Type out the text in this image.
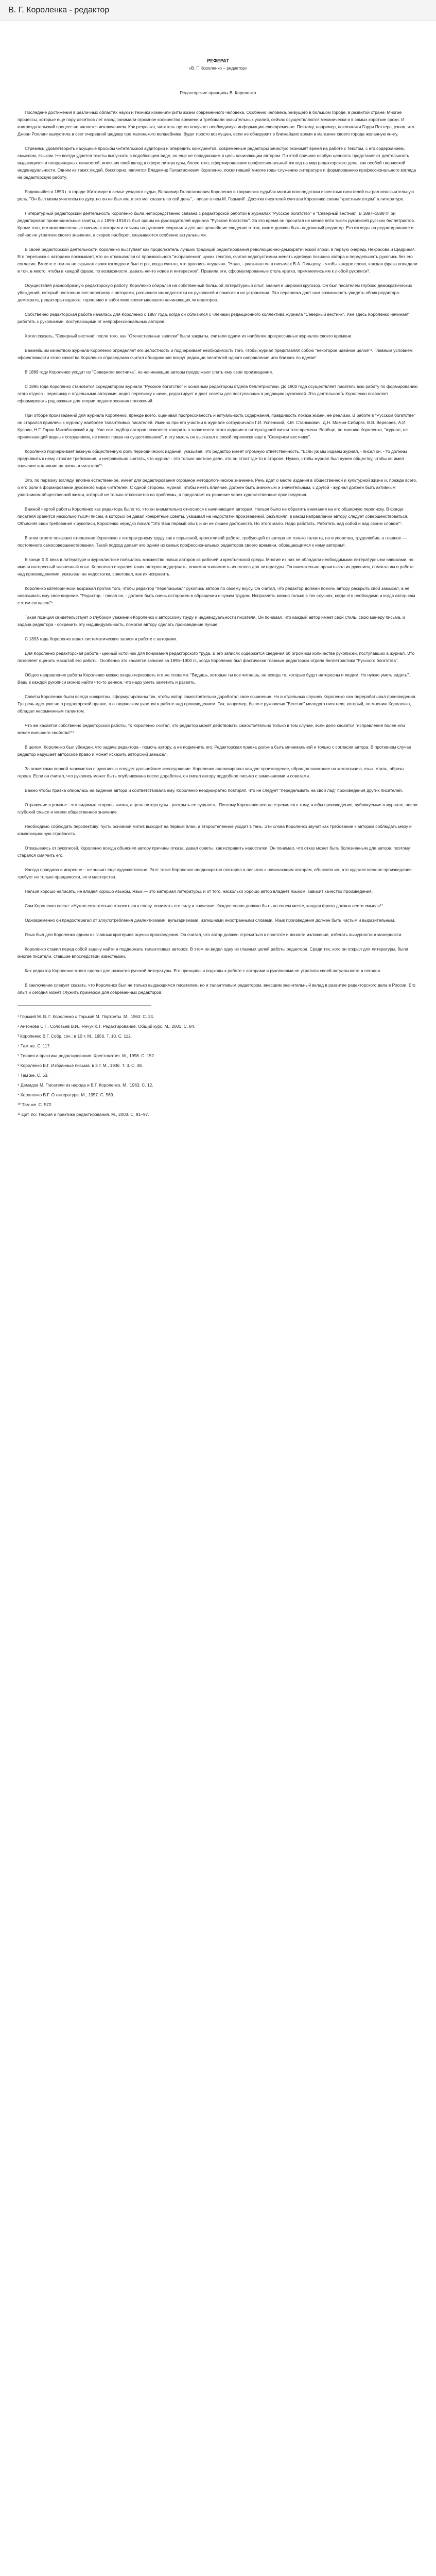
В. Г. Короленка - редактор
РЕФЕРАТ
«В. Г. Короленко – редактор»
Редакторские принципы В. Короленко

Последние достижения в различных областях науки и техники изменили ритм жизни современного человека. Особенно человека, живущего в большом городе, в развитой стране. Многие процессы, которые еще пару десятков лет назад занимали огромное количество времени и требовали значительных усилий, сейчас осуществляются механически и в самых короткие сроки. И книгоиздательский процесс не является исключением. Как результат, читатель прямо получает необходимую информацию своевременно. Поэтому, например, поклонники Гарри Поттера, узнав, что Джоан Роллинг выпустила в свет очередной шедевр про маленького волшебника, будет просто возмущен, если не обнаружит в ближайших время в магазине своего города желанную книгу.

Стремясь удовлетворить насущные просьбы читательской аудитории и опередить конкурентов, современные редакторы зачастую экономят время на работе с текстом, с его содержанием, смыслом, языком. Не всегда удается тексты выпускать в подобающем виде, но еще не попадающим в цель начинающим автором. По этой причине особую ценность представляют деятельность выдающихся и неординарных личностей, внесших свой вклад в сфере литературы, более того, сформировавших профессиональный взгляд на мир редакторского дела, как особой творческой индивидуальности. Одним из таких людей, бесспорно, является Владимир Галактионович Короленко, посвятивший многие годы служению литературе и формированию профессионального взгляда на редакторскую работу.

Родившийся в 1853 г. в городе Житомире в семье уездного судьи, Владимир Галактионович Короленко в творческих судьбах многих впоследствии известных писателей сыграл исключительную роль. "Он был моим учителем по духу, но он не был им, я это мог сказать по сей день", - писал о нем М. Горький¹. Десятки писателей считали Короленко своим "крестным отцом" в литературе.

Литературный редакторский деятельность Короленко была непосредственно связана с редакторской работой в журналах "Русское богатство" и "Северный вестник". В 1887–1888 гг. он редактировал провинциальные газеты, а с 1896–1918 гг. был одним из руководителей журнала "Русское богатство". За это время он прочитал не менее пяти тысяч рукописей русских беллетристов. Кроме того, его многочисленные письма к авторам и отзывы на рукописи сохранили для нас ценнейшие сведения о том, каким должен быть подлинный редактор. Его взгляды на редактирование и сейчас не утратили своего значения, а скорее наоборот, оказываются особенно актуальными.

В своей редакторской деятельности Короленко выступает как продолжатель лучших традиций редактирования революционно-демократической эпохи, в первую очередь Некрасова и Щедрина². Его переписка с авторами показывает, что он отказывался от произвольного "исправления" чужих текстов, считая недопустимым менять идейную позицию автора и переделывать рукопись без его согласия. Вместе с тем он не скрывал своих взглядов и был строг, когда считал, что рукопись неудачна. "Надо, - указывал он в письме к В.А. Гольцеву, - чтобы каждое слово, каждая фраза попадали в тон, в место, чтобы в каждой фразе, по возможности, давать нечто новое и интересное". Правила эти, сформулированные столь кратко, применялись им к любой рукописи³.

Осуществляя разнообразную редакторскую работу, Короленко опирался на собственный большой литературный опыт, знания и широкий кругозор. Он был писателем глубоко демократических убеждений, который постоянно вел переписку с авторами, разъясняя им недостатки их рукописей и помогая в их устранении. Эта переписка дает нам возможность увидеть облик редактора-демократа, редактора-педагога, терпеливо и заботливо воспитывавшего начинающих литераторов.

Собственно редакторская работа началась для Короленко с 1887 года, когда он сблизился с членами редакционного коллектива журнала "Северный вестник". Уже здесь Короленко начинает работать с рукописями, поступающими от непрофессиональных авторов.

Хотел сказать, "Северный вестник" после того, как "Отечественные записки" были закрыты, считали одним из наиболее прогрессивных журналов своего времени.

Важнейшим качеством журнала Короленко определяет его целостность и подчеркивает необходимость того, чтобы журнал представлял собою "некоторое идейное целое"⁴. Главным условием эффективности этого качества Короленко справедливо считал объединение вокруг редакции писателей одного направления или близких по идеям⁵.

В 1889 году Короленко уходит из "Северного вестника", но начинающие авторы продолжают слать ему свои произведения.

С 1895 года Короленко становится соредактором журнала "Русское богатство" и основным редактором отдела беллетристики. До 1900 года осуществляет писатель всю работу по формированию этого отдела - переписку с отдельными авторами, ведет переписку с ними, редактирует и дает советы для поступающих в редакцию рукописей. Эта деятельность Короленко позволяет сформировать ряд важных для теории редактирования положений.

При отборе произведений для журнала Короленко, прежде всего, оценивал прогрессивность и актуальность содержания, правдивость показа жизни, ее реализм. В работе в "Русском богатстве" он старался привлечь к журналу наиболее талантливых писателей. Именно при его участии в журнале сотрудничали Г.И. Успенский, К.М. Станюкович, Д.Н. Мамин-Сибиряк, В.В. Вересаев, А.И. Куприн, Н.Г. Гарин-Михайловский и др. Уже сам подбор авторов позволяет говорить о значимости этого издания в литературной жизни того времени. Вообще, по мнению Короленко, "журнал, не привлекающий видных сотрудников, не имеет права на существование", и эту мысль он высказал в своей переписке еще в "Северном вестнике".

Короленко подчеркивает важную общественную роль периодических изданий, указывая, что редактор имеет огромную ответственность. "Если уж мы издаем журнал, - писал он, - то должны предъявить к нему строгие требования, и неправильно считать, что журнал - это только частное дело, что он стоит где-то в стороне. Нужно, чтобы журнал был нужен обществу, чтобы он имел значение и влияние на жизнь и читателя"⁶.

Это, по первому взгляду, вполне естественное, имеет для редактирования огромное методологическое значение. Речь идет о месте издания в общественной и культурной жизни и, прежде всего, о его роли в формировании духовного мира читателей. С одной стороны, журнал, чтобы иметь влияние, должен быть значимым и значительным, с другой - журнал должен быть активным участником общественной жизни, который не только откликается на проблемы, а предлагает их решение через художественные произведения.

Важной чертой работы Короленко как редактора было то, что он внимательно относился к начинающим авторам. Нельзя было не обратить внимания на его обширную переписку. В фонде писателя хранится несколько тысяч писем, в которых он давал конкретные советы, указывал на недостатки произведений, разъяснял, в каком направлении автору следует совершенствоваться. Объясняя свои требования к рукописи, Короленко нередко писал: "Это Ваш первый опыт, и он не лишен достоинств. Но этого мало. Надо работать. Работать над собой и над своим словом"⁷.

В этом ответе показано отношение Короленко к литературному труду как к серьезной, кропотливой работе, требующей от автора не только таланта, но и упорства, трудолюбия, а главное — постоянного самосовершенствования. Такой подход делает его одним из самых профессиональных редакторов своего времени, обращающимся к нему авторам⁸.

В конце XIX века в литературе и журналистике появилось множество новых авторов из рабочей и крестьянской среды. Многие из них не обладали необходимыми литературными навыками, но имели интересный жизненный опыт. Короленко старался таких авторов поддержать, понимая значимость их голоса для литературы. Он внимательно прочитывал их рукописи, помогал им в работе над произведениями, указывал на недостатки, советовал, как их исправить.

Короленко категорически возражал против того, чтобы редактор "переписывал" рукопись автора по своему вкусу. Он считал, что редактор должен помочь автору раскрыть свой замысел, а не навязывать ему свое видение. "Редактор, - писал он, - должен быть очень осторожен в обращении с чужим трудом. Исправлять можно только в тех случаях, когда это необходимо и когда автор сам с этим согласен"⁹.

Такая позиция свидетельствует о глубоком уважении Короленко к авторскому труду и индивидуальности писателя. Он понимал, что каждый автор имеет свой стиль, свою манеру письма, и задача редактора - сохранить эту индивидуальность, помогая автору сделать произведение лучше.

С 1893 года Короленко ведет систематические записи в работе с авторами.

Для Короленко редакторская работа - ценный источник для понимания редакторского труда. В его записях содержатся сведения об огромном количестве рукописей, поступавших в журнал. Это позволяет оценить масштаб его работы. Особенно это касается записей за 1895–1900 гг., когда Короленко был фактически главным редактором отдела беллетристики "Русского богатства".

Общее направление работы Короленко можно охарактеризовать его же словами: "Видишь, которые ты все читаешь, не всегда те, которые будут интересны и людям. Но нужно уметь видеть". Ведь в каждой рукописи можно найти что-то ценное, что надо уметь заметить и развить.

Советы Короленко были всегда конкретны, сформулированы так, чтобы автор самостоятельно доработал свое сочинение. Но в отдельных случаях Короленко сам перерабатывал произведения. Тут речь идет уже не о редакторской правке, а о творческом участии в работе над произведением. Так, например, было с рукописью "Бегство" молодого писателя, который, по мнению Короленко, обладал несомненным талантом.

Что же касается собственно редакторской работы, то Короленко считал, что редактор может действовать самостоятельно только в том случае, если дело касается "исправления более или менее внешнего свойства"¹⁰.

В целом, Короленко был убежден, что задача редактора - помочь автору, а не подменить его. Редакторская правка должна быть минимальной и только с согласия автора. В противном случае редактор нарушает авторское право и может исказить авторский замысел.

За пометками первой знакомства с рукописью следует дальнейшее исследование. Короленко анализировал каждое произведение, обращая внимание на композицию, язык, стиль, образы героев. Если он считал, что рукопись может быть опубликована после доработки, он писал автору подробное письмо с замечаниями и советами.

Важно чтобы правка опиралась на видение автора и соответствовала ему. Короленко неоднократно повторял, что не следует "переделывать на свой лад" произведения других писателей.

Отражение в романе - это видимые стороны жизни, а цель литературы - раскрыть ее сущность. Поэтому Короленко всегда стремился к тому, чтобы произведения, публикуемые в журнале, несли глубокий смысл и имели общественное значение.

Необходимо соблюдать перспективу: пусть основной мотив выходит на первый план, а второстепенное уходит в тень. Эти слова Короленко звучат как требование к авторам соблюдать меру и композиционную стройность.

Отказываясь от рукописей, Короленко всегда объяснял автору причины отказа, давал советы, как исправить недостатки. Он понимал, что отказ может быть болезненным для автора, поэтому старался смягчить его.

Иногда правдиво и искренне – не значит еще художественно. Этот тезис Короленко неоднократно повторял в письмах к начинающим авторам, объясняя им, что художественное произведение требует не только правдивости, но и мастерства.

Нельзя хорошо написать, не владея хорошо языком. Язык — это материал литературы, и от того, насколько хорошо автор владеет языком, зависит качество произведения.

Сам Короленко писал: «Нужно сознательно относиться к слову, понимать его силу и значение. Каждое слово должно быть на своем месте, каждая фраза должна нести смысл»¹¹.

Одновременно он предостерегал от злоупотребления диалектизмами, вульгаризмами, излишними иностранными словами. Язык произведения должен быть чистым и выразительным.

Язык был для Короленко одним из главных критериев оценки произведения. Он считал, что автор должен стремиться к простоте и ясности изложения, избегать вычурности и манерности.

Короленко ставил перед собой задачу найти и поддержать талантливых авторов. В этом он видел одну из главных целей работы редактора. Среди тех, кого он открыл для литературы, были многие писатели, ставшие впоследствии известными.

Как редактор Короленко много сделал для развития русской литературы. Его принципы и подходы к работе с авторами и рукописями не утратили своей актуальности и сегодня.

В заключение следует сказать, что Короленко был не только выдающимся писателем, но и талантливым редактором, внесшим значительный вклад в развитие редакторского дела в России. Его опыт и сегодня может служить примером для современных редакторов.

¹ Горький М. В. Г. Короленко // Горький М. Портреты. М., 1963. С. 24.
² Антонова С.Г., Соловьев В.И., Янчук К.Т. Редактирование. Общий курс. М., 2001. С. 84.
³ Короленко В.Г. Собр. соч.: в 10 т. М., 1956. Т. 10. С. 112.
⁴ Там же. С. 117.
⁵ Теория и практика редактирования: Хрестоматия. М., 1998. С. 152.
⁶ Короленко В.Г. Избранные письма: в 3 т. М., 1936. Т. 3. С. 48.
⁷ Там же. С. 53.
⁸ Демидов М. Писатели из народа и В.Г. Короленко. М., 1963. С. 12.
⁹ Короленко В.Г. О литературе. М., 1957. С. 569.
¹⁰ Там же. С. 572.
¹¹ Цит. по: Теория и практика редактирования. М., 2003. С. 91–97.
